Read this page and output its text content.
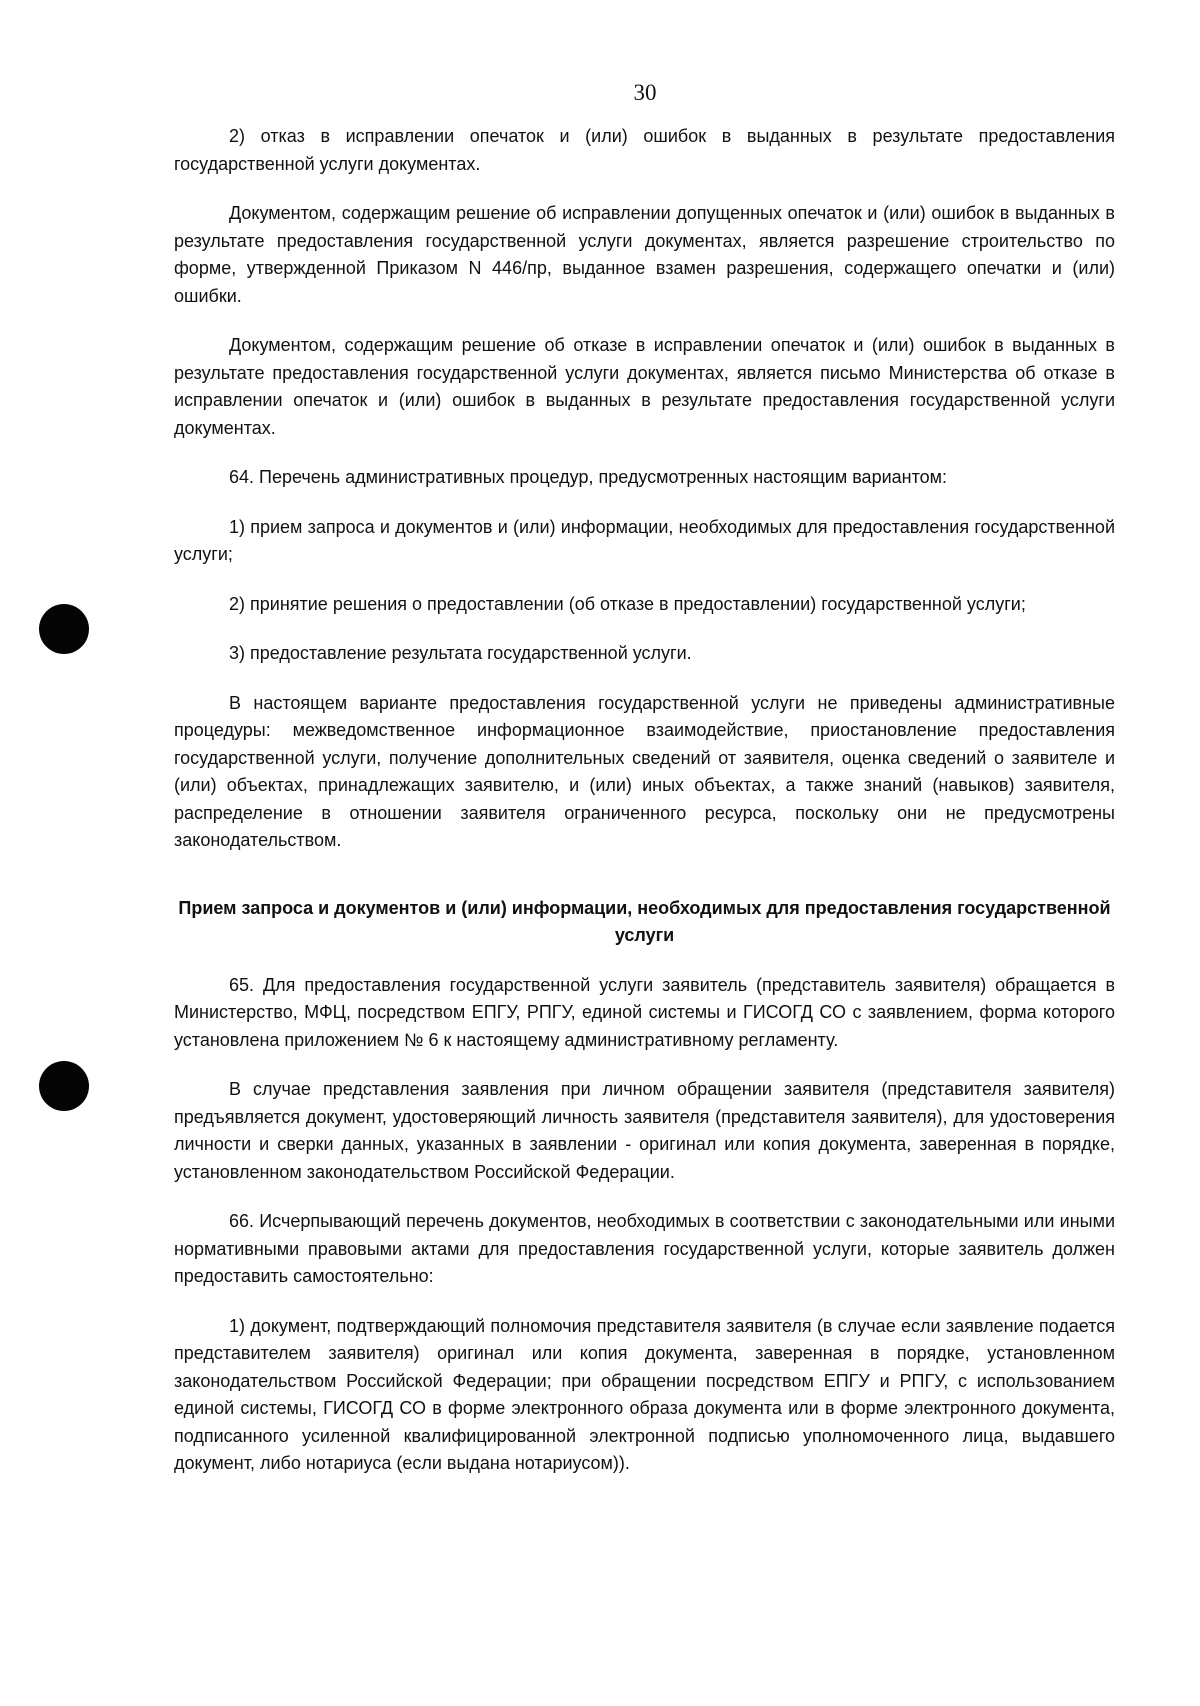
30

2) отказ в исправлении опечаток и (или) ошибок в выданных в результате предоставления государственной услуги документах.

Документом, содержащим решение об исправлении допущенных опечаток и (или) ошибок в выданных в результате предоставления государственной услуги документах, является разрешение строительство по форме, утвержденной Приказом N 446/пр, выданное взамен разрешения, содержащего опечатки и (или) ошибки.

Документом, содержащим решение об отказе в исправлении опечаток и (или) ошибок в выданных в результате предоставления государственной услуги документах, является письмо Министерства об отказе в исправлении опечаток и (или) ошибок в выданных в результате предоставления государственной услуги документах.

64. Перечень административных процедур, предусмотренных настоящим вариантом:

1) прием запроса и документов и (или) информации, необходимых для предоставления государственной услуги;

2) принятие решения о предоставлении (об отказе в предоставлении) государственной услуги;

3) предоставление результата государственной услуги.

В настоящем варианте предоставления государственной услуги не приведены административные процедуры: межведомственное информационное взаимодействие, приостановление предоставления государственной услуги, получение дополнительных сведений от заявителя, оценка сведений о заявителе и (или) объектах, принадлежащих заявителю, и (или) иных объектах, а также знаний (навыков) заявителя, распределение в отношении заявителя ограниченного ресурса, поскольку они не предусмотрены законодательством.

Прием запроса и документов и (или) информации, необходимых для предоставления государственной услуги

65. Для предоставления государственной услуги заявитель (представитель заявителя) обращается в Министерство, МФЦ, посредством ЕПГУ, РПГУ, единой системы и ГИСОГД СО с заявлением, форма которого установлена приложением № 6 к настоящему административному регламенту.

В случае представления заявления при личном обращении заявителя (представителя заявителя) предъявляется документ, удостоверяющий личность заявителя (представителя заявителя), для удостоверения личности и сверки данных, указанных в заявлении - оригинал или копия документа, заверенная в порядке, установленном законодательством Российской Федерации.

66. Исчерпывающий перечень документов, необходимых в соответствии с законодательными или иными нормативными правовыми актами для предоставления государственной услуги, которые заявитель должен предоставить самостоятельно:

1) документ, подтверждающий полномочия представителя заявителя (в случае если заявление подается представителем заявителя) оригинал или копия документа, заверенная в порядке, установленном законодательством Российской Федерации; при обращении посредством ЕПГУ и РПГУ, с использованием единой системы, ГИСОГД СО в форме электронного образа документа или в форме электронного документа, подписанного усиленной квалифицированной электронной подписью уполномоченного лица, выдавшего документ, либо нотариуса (если выдана нотариусом)).
